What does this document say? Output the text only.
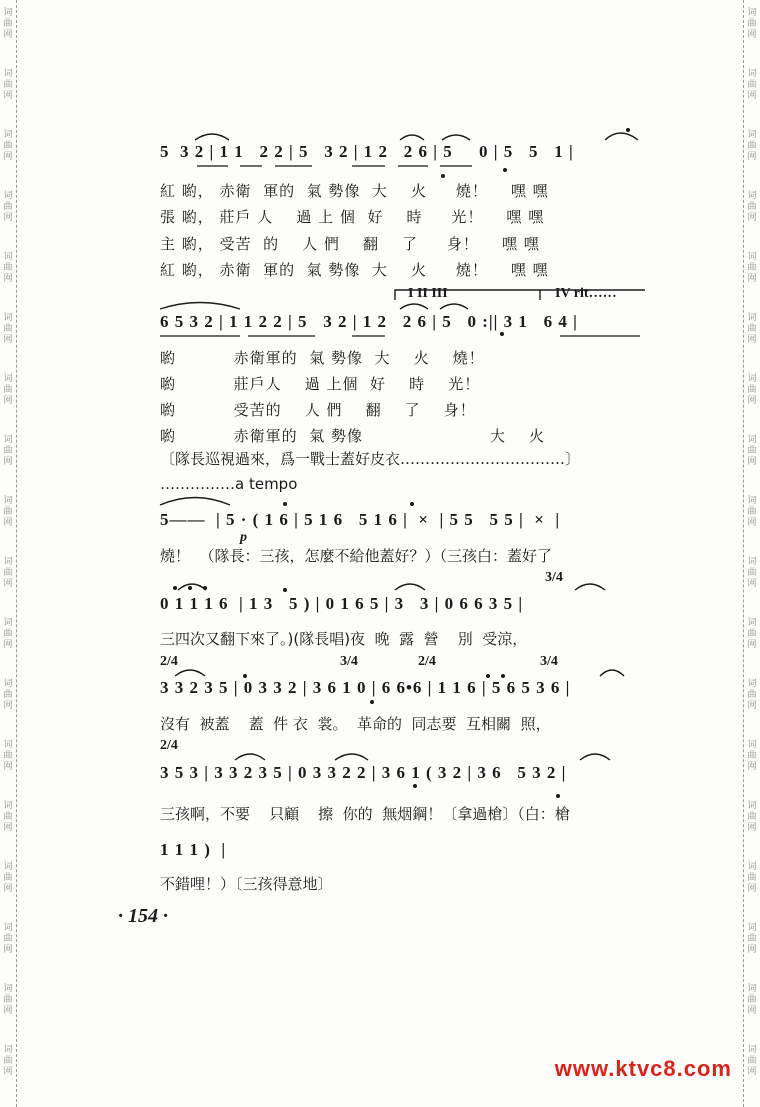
词
曲
网
词
曲
网
词
曲
网
词
曲
网
词
曲
网
词
曲
网
词
曲
网
词
曲
网
词
曲
网
词
曲
网
词
曲
网
词
曲
网
词
曲
网
词
曲
网
词
曲
网
词
曲
网
词
曲
网
词
曲
网
词
曲
网
词
曲
网
词
曲
网
词
曲
网
词
曲
网
词
曲
网
词
曲
网
词
曲
网
词
曲
网
词
曲
网
词
曲
网
词
曲
网
词
曲
网
词
曲
网
词
曲
网
词
曲
网
词
曲
网
词
曲
网
5  3 2 | 1 1   2 2 | 5   3 2 | 1 2   2 6 | 5     0 | 5   5   1 |
紅 喲， 赤衛  軍的  氣 勢像  大    火     燒！    嘿 嘿
張 喲， 莊戶 人    過 上 個  好    時     光！    嘿 嘿
主 喲， 受苦  的    人 們    翻    了     身！    嘿 嘿
紅 喲， 赤衛  軍的  氣 勢像  大    火     燒！    嘿 嘿
I II III	IV rit……
6 5 3 2 | 1 1 2 2 | 5   3 2 | 1 2   2 6 | 5   0 :|| 3 1   6 4 |
喲          赤衛軍的  氣 勢像  大    火    燒！
喲          莊戶人    過 上個  好    時    光！
喲          受苦的    人 們    翻    了    身！
喲          赤衛軍的  氣 勢像                      大    火
〔隊長巡視過來，爲一戰士蓋好皮衣……………………………〕
……………a tempo
5——  | 5 · ( 1 6 | 5 1 6   5 1 6 |  ×  | 5 5   5 5 |  ×  |
p
燒！  （隊長：三孩，怎麼不給他蓋好？）（三孩白：蓋好了
3/4
0 1 1 1 6  | 1 3   5 ) | 0 1 6 5 | 3   3 | 0 6 6 3 5 |
三四次又翻下來了。)(隊長唱)夜  晚  露  營    別  受涼，
2/4	3/4	2/4	3/4
3 3 2 3 5 | 0 3 3 2 | 3 6 1 0 | 6 6•6 | 1 1 6 | 5 6 5 3 6 |
沒有  被蓋    蓋  件 衣  裳。  革命的  同志要  互相關  照，
2/4
3 5 3 | 3 3 2 3 5 | 0 3 3 2 2 | 3 6 1 ( 3 2 | 3 6   5 3 2 |
三孩啊，不要    只顧    擦  你的  無烟鋼！〔拿過槍〕（白：槍
1 1 1 )  |
不錯哩！）〔三孩得意地〕
· 154 ·
www.ktvc8.com
